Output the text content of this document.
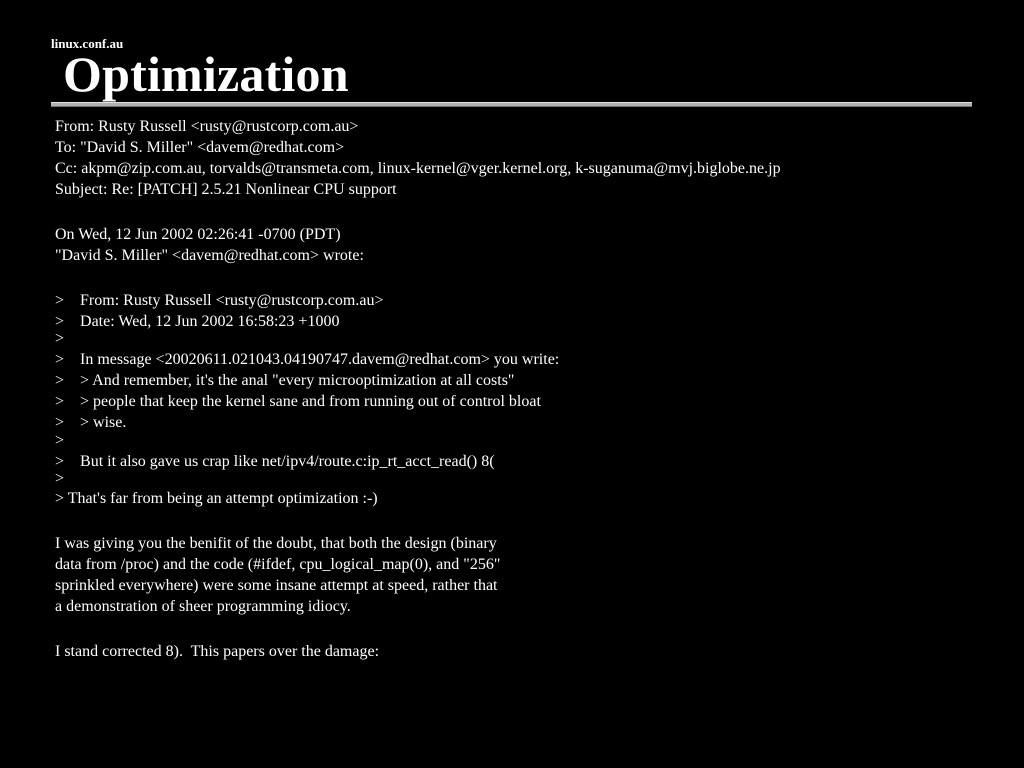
linux.conf.au
Optimization
From: Rusty Russell <rusty@rustcorp.com.au>
To: "David S. Miller" <davem@redhat.com>
Cc: akpm@zip.com.au, torvalds@transmeta.com, linux-kernel@vger.kernel.org, k-suganuma@mvj.biglobe.ne.jp
Subject: Re: [PATCH] 2.5.21 Nonlinear CPU support
On Wed, 12 Jun 2002 02:26:41 -0700 (PDT)
"David S. Miller" <davem@redhat.com> wrote:
>    From: Rusty Russell <rusty@rustcorp.com.au>
>    Date: Wed, 12 Jun 2002 16:58:23 +1000
>
>    In message <20020611.021043.04190747.davem@redhat.com> you write:
>    > And remember, it's the anal "every microoptimization at all costs"
>    > people that keep the kernel sane and from running out of control bloat
>    > wise.
>
>    But it also gave us crap like net/ipv4/route.c:ip_rt_acct_read() 8(
>
> That's far from being an attempt optimization :-)
I was giving you the benifit of the doubt, that both the design (binary
data from /proc) and the code (#ifdef, cpu_logical_map(0), and "256"
sprinkled everywhere) were some insane attempt at speed, rather that
a demonstration of sheer programming idiocy.
I stand corrected 8).  This papers over the damage:
